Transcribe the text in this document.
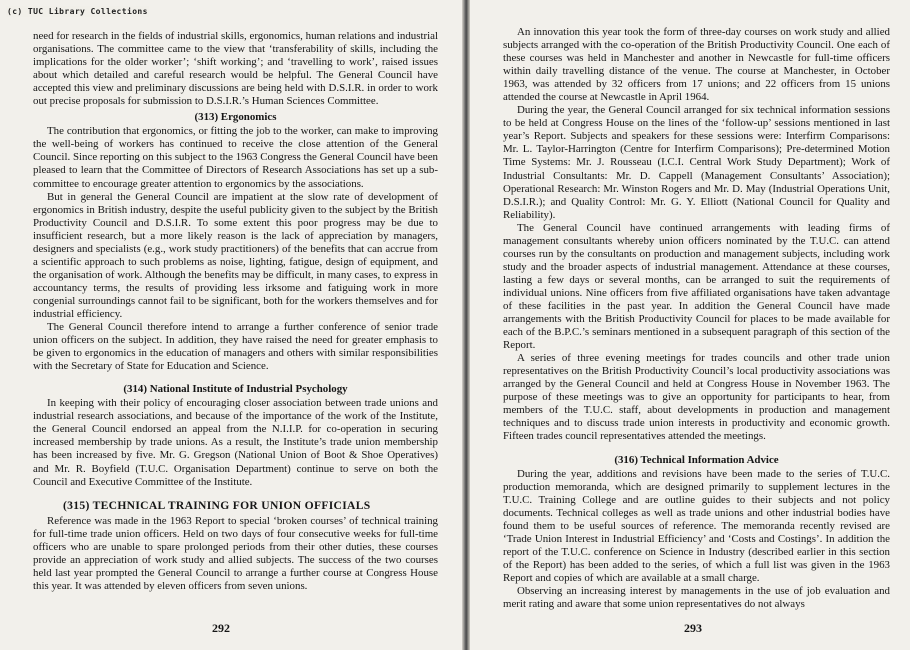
(c) TUC Library Collections

need for research in the fields of industrial skills, ergonomics, human relations and industrial organisations. The committee came to the view that ‘transferability of skills, including the implications for the older worker’; ‘shift working’; and ‘travelling to work’, raised issues about which detailed and careful research would be helpful. The General Council have accepted this view and preliminary discussions are being held with D.S.I.R. in order to work out precise proposals for submission to D.S.I.R.’s Human Sciences Committee.

(313) Ergonomics

The contribution that ergonomics, or fitting the job to the worker, can make to improving the well-being of workers has continued to receive the close attention of the General Council. Since reporting on this subject to the 1963 Congress the General Council have been pleased to learn that the Committee of Directors of Research Associations has set up a sub-committee to encourage greater attention to ergonomics by the associations.

But in general the General Council are impatient at the slow rate of development of ergonomics in British industry, despite the useful publicity given to the subject by the British Productivity Council and D.S.I.R. To some extent this poor progress may be due to insufficient research, but a more likely reason is the lack of appreciation by managers, designers and specialists (e.g., work study practitioners) of the benefits that can accrue from a scientific approach to such problems as noise, lighting, fatigue, design of equipment, and the organisation of work. Although the benefits may be difficult, in many cases, to express in accountancy terms, the results of providing less irksome and fatiguing work in more congenial surroundings cannot fail to be significant, both for the workers themselves and for industrial efficiency.

The General Council therefore intend to arrange a further conference of senior trade union officers on the subject. In addition, they have raised the need for greater emphasis to be given to ergonomics in the education of managers and others with similar responsibilities with the Secretary of State for Education and Science.

(314) National Institute of Industrial Psychology

In keeping with their policy of encouraging closer association between trade unions and industrial research associations, and because of the importance of the work of the Institute, the General Council endorsed an appeal from the N.I.I.P. for co-operation in securing increased membership by trade unions. As a result, the Institute’s trade union membership has been increased by five. Mr. G. Gregson (National Union of Boot & Shoe Operatives) and Mr. R. Boyfield (T.U.C. Organisation Department) continue to serve on both the Council and Executive Committee of the Institute.

(315) TECHNICAL TRAINING FOR UNION OFFICIALS

Reference was made in the 1963 Report to special ‘broken courses’ of technical training for full-time trade union officers. Held on two days of four consecutive weeks for full-time officers who are unable to spare prolonged periods from their other duties, these courses provide an appreciation of work study and allied subjects. The success of the two courses held last year prompted the General Council to arrange a further course at Congress House this year. It was attended by eleven officers from seven unions.

292

An innovation this year took the form of three-day courses on work study and allied subjects arranged with the co-operation of the British Productivity Council. One each of these courses was held in Manchester and another in Newcastle for full-time officers within daily travelling distance of the venue. The course at Manchester, in October 1963, was attended by 32 officers from 17 unions; and 22 officers from 15 unions attended the course at Newcastle in April 1964.

During the year, the General Council arranged for six technical information sessions to be held at Congress House on the lines of the ‘follow-up’ sessions mentioned in last year’s Report. Subjects and speakers for these sessions were: Interfirm Comparisons: Mr. L. Taylor-Harrington (Centre for Interfirm Comparisons); Pre-determined Motion Time Systems: Mr. J. Rousseau (I.C.I. Central Work Study Department); Work of Industrial Consultants: Mr. D. Cappell (Management Consultants’ Association); Operational Research: Mr. Winston Rogers and Mr. D. May (Industrial Operations Unit, D.S.I.R.); and Quality Control: Mr. G. Y. Elliott (National Council for Quality and Reliability).

The General Council have continued arrangements with leading firms of management consultants whereby union officers nominated by the T.U.C. can attend courses run by the consultants on production and management subjects, including work study and the broader aspects of industrial management. Attendance at these courses, lasting a few days or several months, can be arranged to suit the requirements of individual unions. Nine officers from five affiliated organisations have taken advantage of these facilities in the past year. In addition the General Council have made arrangements with the British Productivity Council for places to be made available for each of the B.P.C.’s seminars mentioned in a subsequent paragraph of this section of the Report.

A series of three evening meetings for trades councils and other trade union representatives on the British Productivity Council’s local productivity associations was arranged by the General Council and held at Congress House in November 1963. The purpose of these meetings was to give an opportunity for participants to hear, from members of the T.U.C. staff, about developments in production and management techniques and to discuss trade union interests in productivity and economic growth. Fifteen trades council representatives attended the meetings.

(316) Technical Information Advice

During the year, additions and revisions have been made to the series of T.U.C. production memoranda, which are designed primarily to supplement lectures in the T.U.C. Training College and are outline guides to their subjects and not policy documents. Technical colleges as well as trade unions and other industrial bodies have found them to be useful sources of reference. The memoranda recently revised are ‘Trade Union Interest in Industrial Efficiency’ and ‘Costs and Costings’. In addition the report of the T.U.C. conference on Science in Industry (described earlier in this section of the Report) has been added to the series, of which a full list was given in the 1963 Report and copies of which are available at a small charge.

Observing an increasing interest by managements in the use of job evaluation and merit rating and aware that some union representatives do not always

293
